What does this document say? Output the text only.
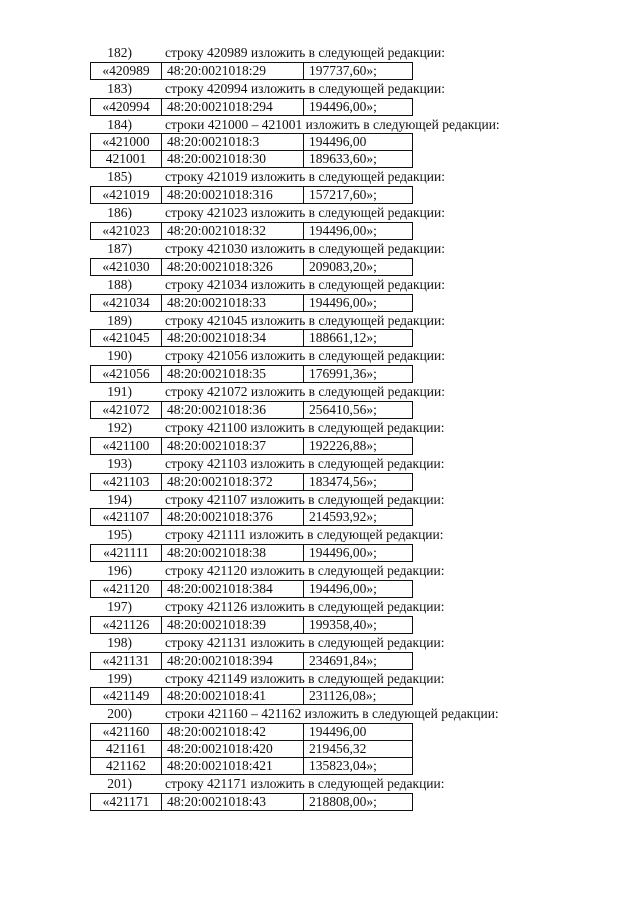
182) строку 420989 изложить в следующей редакции:
«420989	48:20:0021018:29	197737,60»;
183) строку 420994 изложить в следующей редакции:
«420994	48:20:0021018:294	194496,00»;
184) строки 421000 – 421001 изложить в следующей редакции:
«421000	48:20:0021018:3	194496,00
421001	48:20:0021018:30	189633,60»;
185) строку 421019 изложить в следующей редакции:
«421019	48:20:0021018:316	157217,60»;
186) строку 421023 изложить в следующей редакции:
«421023	48:20:0021018:32	194496,00»;
187) строку 421030 изложить в следующей редакции:
«421030	48:20:0021018:326	209083,20»;
188) строку 421034 изложить в следующей редакции:
«421034	48:20:0021018:33	194496,00»;
189) строку 421045 изложить в следующей редакции:
«421045	48:20:0021018:34	188661,12»;
190) строку 421056 изложить в следующей редакции:
«421056	48:20:0021018:35	176991,36»;
191) строку 421072 изложить в следующей редакции:
«421072	48:20:0021018:36	256410,56»;
192) строку 421100 изложить в следующей редакции:
«421100	48:20:0021018:37	192226,88»;
193) строку 421103 изложить в следующей редакции:
«421103	48:20:0021018:372	183474,56»;
194) строку 421107 изложить в следующей редакции:
«421107	48:20:0021018:376	214593,92»;
195) строку 421111 изложить в следующей редакции:
«421111	48:20:0021018:38	194496,00»;
196) строку 421120 изложить в следующей редакции:
«421120	48:20:0021018:384	194496,00»;
197) строку 421126 изложить в следующей редакции:
«421126	48:20:0021018:39	199358,40»;
198) строку 421131 изложить в следующей редакции:
«421131	48:20:0021018:394	234691,84»;
199) строку 421149 изложить в следующей редакции:
«421149	48:20:0021018:41	231126,08»;
200) строки 421160 – 421162 изложить в следующей редакции:
«421160	48:20:0021018:42	194496,00
421161	48:20:0021018:420	219456,32
421162	48:20:0021018:421	135823,04»;
201) строку 421171 изложить в следующей редакции:
«421171	48:20:0021018:43	218808,00»;
